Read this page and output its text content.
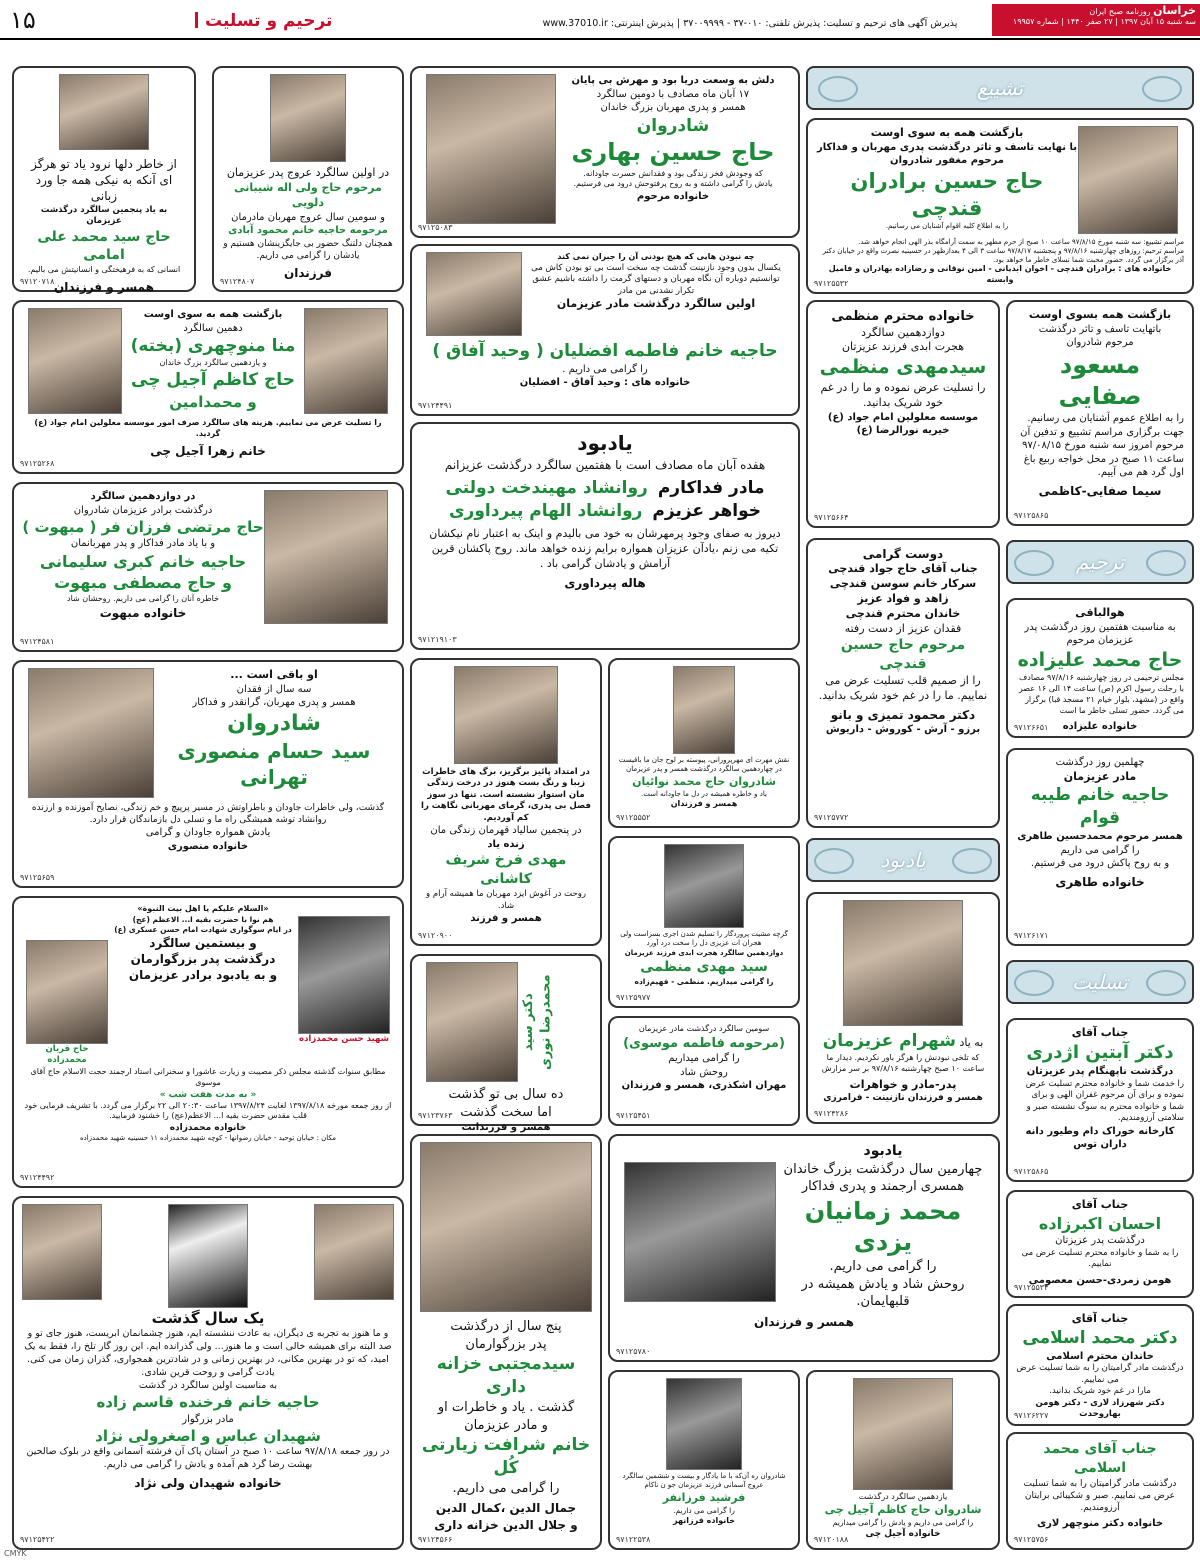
۱۵	ترحیم و تسلیت	پذیرش آگهی های ترحیم و تسلیت: پذیرش تلفنی: ۰۱۰-۳۷ - ۳۷۰۰۹۹۹۹ | پذیرش اینترنتی: www.37010.ir
خراسان روزنامه صبح ایران
سه شنبه ۱۵ آبان ۱۳۹۷ | ۲۷ صفر ۱۴۴۰ | شماره ۱۹۹۵۷
تشییع
بازگشت همه به سوی اوست
با نهایت تاسف و تاثر درگذشت پدری مهربان و فداکار
مرحوم مغفور شادروان
حاج حسین برادران قندچی
را به اطلاع کلیه اقوام آشنایان می رسانیم.
مراسم تشییع: سه شنبه مورخ ۹۷/۸/۱۵ ساعت ۱۰ صبح از حرم مطهر به سمت آرامگاه بذر الهی انجام خواهد شد.
مراسم ترحیم: روزهای چهارشنبه ۹۷/۸/۱۶ و پنجشنبه ۹۷/۸/۱۷ ساعت ۳ الی ۴ بعدازظهر در حسینیه نصرت واقع در خیابان دکتر آذر برگزار می گردد. حضور محبت شما تسلای خاطر ما خواهد بود.
خانواده های : برادران قندچی - اخوان ابدیانی - امین نوقانی و رضازاده بهادران و فامیل وابسته
۹۷۱۲۵۵۳۲
بازگشت همه بسوی اوست
باتهایت تاسف و تاثر درگذشت
مرحوم شادروان
مسعود صفایی
را به اطلاع عموم آشنایان می رسانیم. جهت برگزاری مراسم تشییع و تدفین آن مرحوم امروز سه شنبه مورخ ۹۷/۰۸/۱۵ ساعت ۱۱ صبح در محل خواجه ربیع باغ اول گرد هم می آییم.
سیما صفایی-کاظمی
۹۷۱۲۵۸۶۵
ترحیم
هوالباقی
به مناسبت هفتمین روز درگذشت پدر عزیزمان مرحوم
حاج محمد علیزاده
مجلس ترحیمی در روز چهارشنبه ۹۷/۸/۱۶ مصادف با رحلت رسول اکرم (ص) ساعت ۱۴ الی ۱۶ عصر واقع در (مشهد، بلوار خیام ۲۱ مسجد قبا) برگزار می گردد. حضور تسلی خاطر ما است
خانواده علیزاده
۹۷۱۲۶۶۵۱
چهلمین روز درگذشت
مادر عزیزمان
حاجیه خانم طیبه قوام
همسر مرحوم محمدحسین طاهری
را گرامی می داریم
و به روح پاکش درود می فرستیم.
خانواده طاهری
۹۷۱۲۶۱۷۱
تسلیت
جناب آقای
دکتر آبتین اژدری
درگذشت ناپهنگام پدر عزیزتان
را خدمت شما و خانواده محترم تسلیت عرض نموده و برای آن مرحوم غفران الهی و برای شما و خانواده محترم به سوگ نشسته صبر و سلامتی آرزومندیم.
کارخانه خوراک دام وطیور دانه داران توس
۹۷۱۲۵۸۶۵
جناب آقای
احسان اکبرزاده
درگذشت پدر عزیزتان
را به شما و خانواده محترم تسلیت عرض می نماییم.
هومن زمردی-حسن معصومی
۹۷۱۲۵۵۳۴
جناب آقای
دکتر محمد اسلامی
خاندان محترم اسلامی
درگذشت مادر گرامیتان را به شما تسلیت عرض می نماییم.
مارا در غم خود شریک بدانید.
دکتر شهرزاد لاری - دکتر هومن بهاروحدت
۹۷۱۲۶۲۲۷
جناب آقای محمد اسلامی
درگذشت مادر گرامیتان را به شما تسلیت عرض می نماییم. صبر و شکیبائی برایتان آرزومندیم.
خانواده دکتر منوچهر لاری
۹۷۱۲۵۷۵۶
خانواده محترم منظمی
دوازدهمین سالگرد
هجرت ابدی فرزند عزیزتان
سیدمهدی منظمی
را تسلیت عرض نموده و ما را در غم خود شریک بدانید.
موسسه معلولین امام جواد (ع)
خیریه نورالرضا (ع)
۹۷۱۲۵۶۶۴
دوست گرامی
جناب آقای حاج جواد قندچی
سرکار خانم سوسن قندچی
زاهد و فواد عزیز
خاندان محترم قندچی
فقدان عزیز از دست رفته
مرحوم حاج حسین قندچی
را از صمیم قلب تسلیت عرض می نماییم. ما را در غم خود شریک بدانید.
دکتر محمود تمیزی و بانو
برزو - آرش - کوروش - داریوش
۹۷۱۲۵۷۷۲
یادبود
به یاد شهرام عزیزمان
که تلخی نبودنش را هرگز باور نکردیم. دیدار ما ساعت ۱۰ صبح چهارشنبه ۹۷/۸/۱۶ بر سر مزارش
پدر-مادر و خواهرات
همسر و فرزندان نازنینت - فرامرزی
۹۷۱۲۴۲۸۶
یادبود
چهارمین سال درگذشت بزرگ خاندان
همسری ارجمند و پدری فداکار
محمد زمانیان یزدی
را گرامی می داریم.
روحش شاد و یادش همیشه در قلبهایمان.
همسر و فرزندان
۹۷۱۲۵۷۸۰
یازدهمین سالگرد درگذشت
شادروان حاج کاظم آجیل چی
را گرامی می داریم و یادش را گرامی میداریم
خانواده آجیل چی
۹۷۱۲۰۱۸۸
نقش مهرت ای مهرپرورانی، پیوسته بر لوح جان ما باقیست
در چهاردهمین سالگرد درگذشت همسر و پدر عزیزمان
شادروان حاج محمد نوائیان
یاد و خاطره همیشه در دل ما جاودانه است.
همسر و فرزندان
۹۷۱۲۵۵۵۲
گرچه مشیت پروردگار را تسلیم شدن اجری بسزاست ولی هجران ات عزیزی دل را سخت درد آورد
دوازدهمین سالگرد هجرت ابدی فرزند عزیزمان
سید مهدی منظمی
را گرامی میداریم. منظمی - فهیم‌زاده
۹۷۱۲۵۹۷۷
سومین سالگرد درگذشت مادر عزیزمان
(مرحومه فاطمه موسوی)
را گرامی میداریم
روحش شاد
مهران اشکذری، همسر و فرزندان
۹۷۱۲۵۴۵۱
شادروان ره آن‌که با ما یادگار و بیست و ششمین سالگرد عروج آسمانی فرزند عزیزمان جو ن ناکام
فرشید فرزانفر
را گرامی می داریم.
خانواده فرزانهر
۹۷۱۲۲۵۳۸
دلش به وسعت دریا بود و مهرش بی پایان
۱۷ آبان ماه مصادف با دومین سالگرد
همسر و پدری مهربان بزرگ خاندان
شادروان
حاج حسین بهاری
که وجودش فخر زندگی بود و فقدانش حسرت جاودانه.
یادش را گرامی داشته و به روح پرفتوحش درود می فرستیم.
خانواده مرحوم
۹۷۱۲۵۰۸۳
چه نبودن هایی که هیچ بودنی آن را جبران نمی کند
یکسال بدون وجود نازنینت گذشت چه سخت است بی تو بودن کاش می توانستیم دوباره آن نگاه مهربان و دستهای گرمت را داشته باشیم عشق تکرار نشدنی من مادر
اولین سالگرد درگذشت مادر عزیزمان
حاجیه خانم فاطمه افضلیان ( وحید آفاق )
را گرامی می داریم .
خانواده های : وحید آفاق - افضلیان
۹۷۱۲۴۴۹۱
یادبود
هفده آبان ماه مصادف است با هفتمین سالگرد درگذشت عزیزانم
مادر فداکارم
روانشاد مهیندخت دولتی
خواهر عزیزم
روانشاد الهام پیرداوری
دیروز به صفای وجود پرمهرشان به خود می بالیدم و اینک به اعتبار نام نیکشان تکیه می زنم ،یادآن عزیزان همواره برایم زنده خواهد ماند. روح پاکشان قرین آرامش و یادشان گرامی باد .
هاله پیرداوری
۹۷۱۲۱۹۱۰۳
در امتداد پائیز برگریز، برگ های خاطرات زیبا و رنگ‌ بست هنوز در درخت زندگی مان استوار نشسته است. تنها در سوز فصل بی پدری، گرمای مهربانی نگاهت را کم آوردیم.
در پنجمین سالیاد قهرمان زندگی مان
زنده یاد
مهدی فرخ شریف کاشانی
روحت در آغوش ایزد مهربان ما همیشه آرام و شاد.
همسر و فرزند
۹۷۱۲۰۹۰۰
دکتر سید محمدرضا نوری
ده سال بی تو گذشت
اما سخت گذشت
همسر و فرزندانت
۹۷۱۲۳۷۶۳
پنج سال از درگذشت
پدر بزرگوارمان
سیدمجتبی خزانه داری
گذشت . یاد و خاطرات او
و مادر عزیزمان
خانم شرافت زیارتی کُل
را گرامی می داریم.
جمال الدین ،کمال الدین
و جلال الدین خزانه داری
۹۷۱۲۴۵۶۶
از خاطر دلها نرود یاد تو هرگز
ای آنکه به نیکی همه جا ورد زبانی
به یاد پنجمین سالگرد درگذشت عزیزمان
حاج سید محمد علی امامی
انسانی که به فرهیختگی و انسانیتش می بالیم.
همسر و فرزندان
۹۷۱۲۰۷۱۸
در اولین سالگرد عروج پدر عزیزمان
مرحوم حاج ولی اله شیبانی دلویی
و سومین سال عروج مهربان مادرمان
مرحومه حاجیه خانم محمود آبادی
همچنان دلتنگ حضور بی جایگزینشان هستیم و یادشان را گرامی می داریم.
فرزندان
۹۷۱۲۴۸۰۷
بازگشت همه به سوی اوست
دهمین سالگرد
منا منوچهری (بخته)
و یازدهمین سالگرد بزرگ خاندان
حاج کاظم آجیل چی
و محمدامین
را تسلیت عرض می نماییم. هزینه های سالگرد صرف امور موسسه معلولین امام جواد (ع) گردید.
خانم زهرا آجیل چی
۹۷۱۲۵۲۶۸
در دوازدهمین سالگرد
درگذشت برادر عزیزمان شادروان
حاج مرتضی فرزان فر ( مبهوت )
و با یاد مادر فداکار و پدر مهربانمان
حاجیه خانم کبری سلیمانی
و حاج مصطفی مبهوت
خاطره آنان را گرامی می داریم. روحشان شاد
خانواده مبهوت
۹۷۱۲۴۵۸۱
او باقی است ...
سه سال از فقدان
همسر و پدری مهربان، گرانقدر و فداکار
شادروان
سید حسام منصوری تهرانی
گذشت، ولی خاطرات جاودان و باطراوتش در مسیر پرپیچ و خم زندگی، نصایح آموزنده و ارزنده روانشاد توشه همیشگی راه ما و تسلی دل بازماندگان قرار دارد.
یادش همواره جاودان و گرامی
خانواده منصوری
۹۷۱۲۵۶۵۹
شهید حسن محمدزاده
حاج قربان محمدزاده
«السلام علیکم یا اهل بیت النبوة»
هم نوا با حضرت بقیه ا... الاعظم (عج)
در ایام سوگواری شهادت امام حسن عسکری (ع)
و بیستمین سالگرد
درگذشت پدر بزرگوارمان
و به یادبود برادر عزیزمان
مطابق سنوات گذشته مجلس ذکر مصیبت و زیارت عاشورا و سخنرانی استاد ارجمند حجت الاسلام حاج آقای موسوی
« به مدت هفت شب »
از روز جمعه مورخه ۱۳۹۷/۸/۱۸ لغایت ۱۳۹۷/۸/۲۴ ساعت ۲۰:۳۰ الی ۲۲ برگزار می گردد. با تشریف فرمایی خود قلب مقدس حضرت بقیه ا... الاعظم(عج) را خشنود فرمایید.
خانواده محمدزاده
مکان : خیابان توحید - خیابان رضوانها - کوچه شهید محمدزاده ۱۱ حسینیه شهید محمدزاده
۹۷۱۲۴۴۹۲
یک سال گذشت
و ما هنوز به تجربه ی دیگران، به عادت ننشسته ایم، هنوز چشمانمان ابریست، هنوز جای تو و صد البته برای همیشه خالی است و ما هنوز... ولی گذرانده ایم. این روز گار تلخ را، فقط به یک امید، که تو در بهترین مکانی، در بهترین زمانی و در شادترین همجواری، گذران زمان می کنی. یادت گرامی و روحت قرین شادی.
به مناسبت اولین سالگرد در گذشت
حاجیه خانم فرخنده قاسم زاده
مادر بزرگوار
شهیدان عباس و اصغرولی نژاد
در روز جمعه ۹۷/۸/۱۸ ساعت ۱۰ صبح در آستان پاک آن فرشته آسمانی واقع در بلوک صالحین بهشت رضا گرد هم آمده و یادش را گرامی می داریم.
خانواده شهیدان ولی نژاد
۹۷۱۲۵۴۲۲
CMYK
